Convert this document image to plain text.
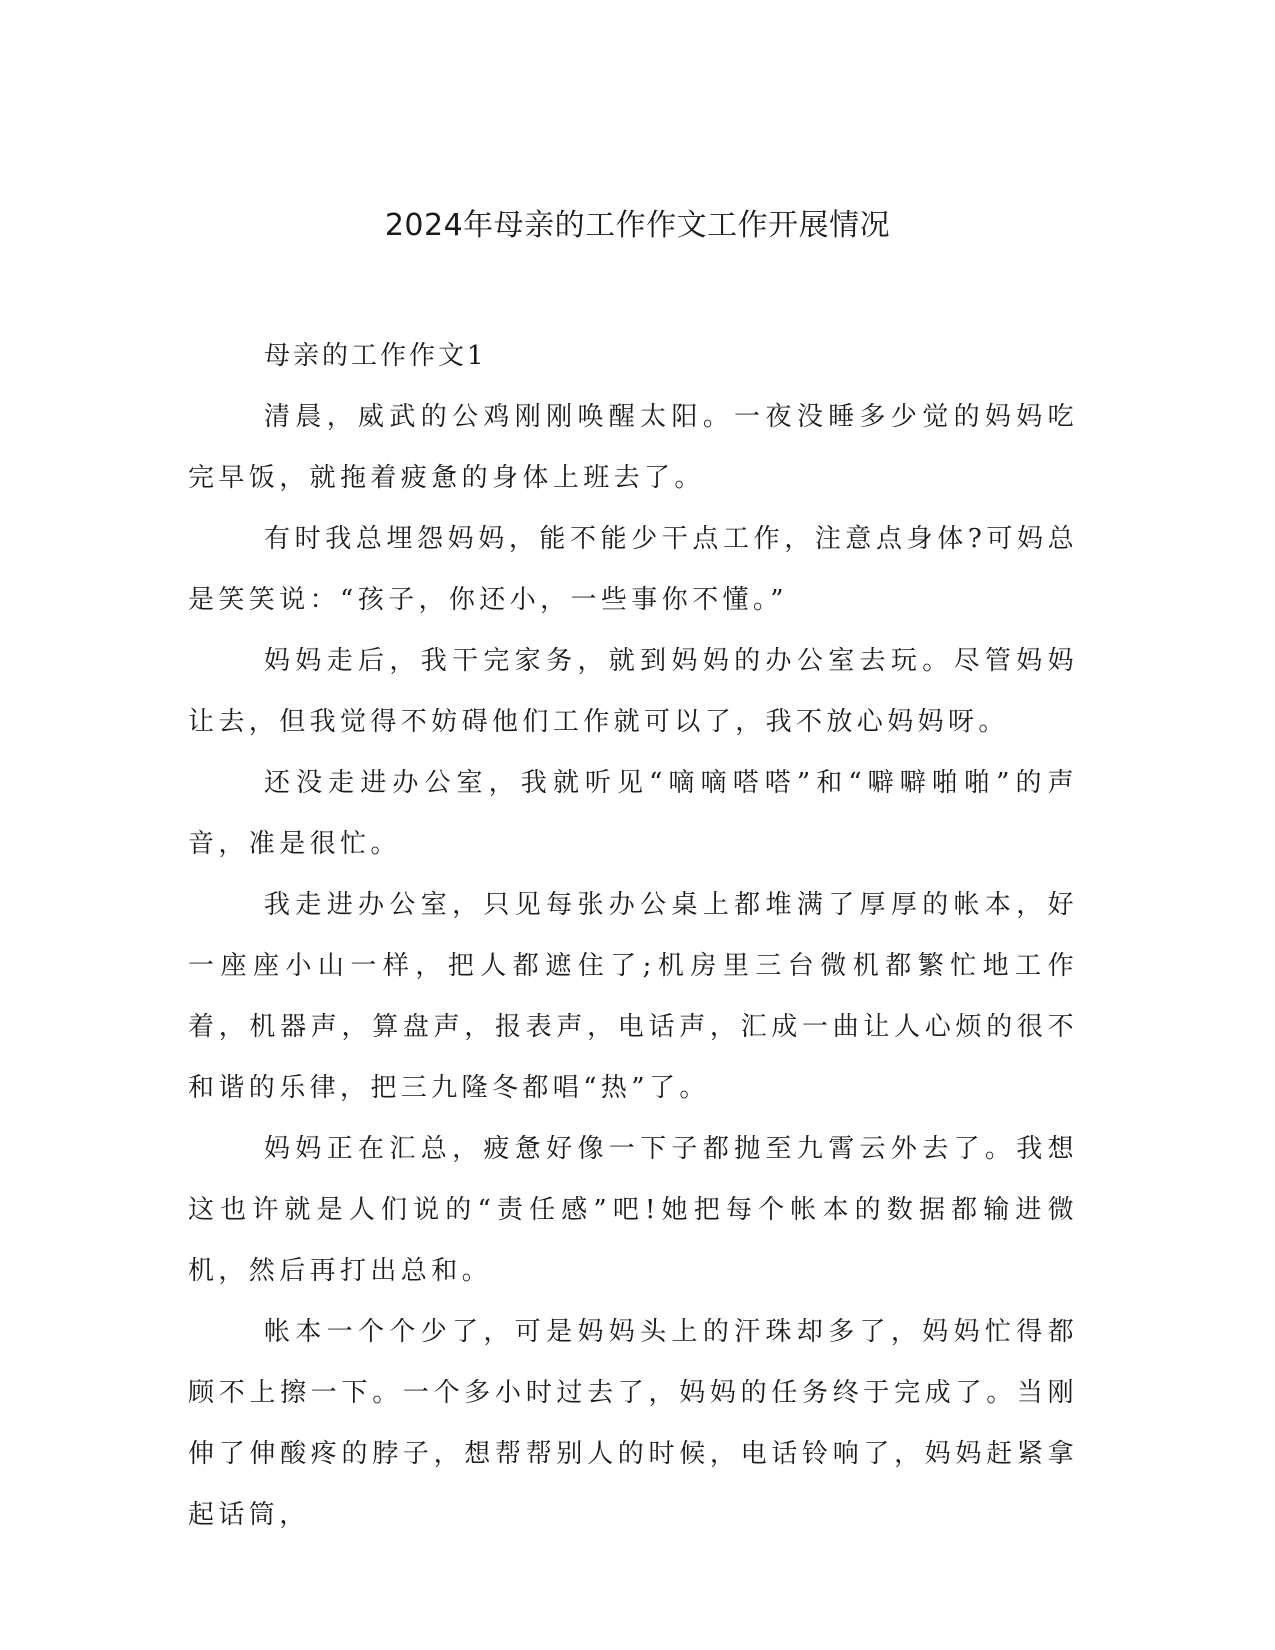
2024年母亲的工作作文工作开展情况

母亲的工作作文1

清晨，威武的公鸡刚刚唤醒太阳。一夜没睡多少觉的妈妈吃完早饭，就拖着疲惫的身体上班去了。

有时我总埋怨妈妈，能不能少干点工作，注意点身体?可妈总是笑笑说：“孩子，你还小，一些事你不懂。”

妈妈走后，我干完家务，就到妈妈的办公室去玩。尽管妈妈让去，但我觉得不妨碍他们工作就可以了，我不放心妈妈呀。

还没走进办公室，我就听见“嘀嘀嗒嗒”和“噼噼啪啪”的声音，准是很忙。

我走进办公室，只见每张办公桌上都堆满了厚厚的帐本，好一座座小山一样，把人都遮住了;机房里三台微机都繁忙地工作着，机器声，算盘声，报表声，电话声，汇成一曲让人心烦的很不和谐的乐律，把三九隆冬都唱“热”了。

妈妈正在汇总，疲惫好像一下子都抛至九霄云外去了。我想这也许就是人们说的“责任感”吧!她把每个帐本的数据都输进微机，然后再打出总和。

帐本一个个少了，可是妈妈头上的汗珠却多了，妈妈忙得都顾不上擦一下。一个多小时过去了，妈妈的任务终于完成了。当刚伸了伸酸疼的脖子，想帮帮别人的时候，电话铃响了，妈妈赶紧拿起话筒，
